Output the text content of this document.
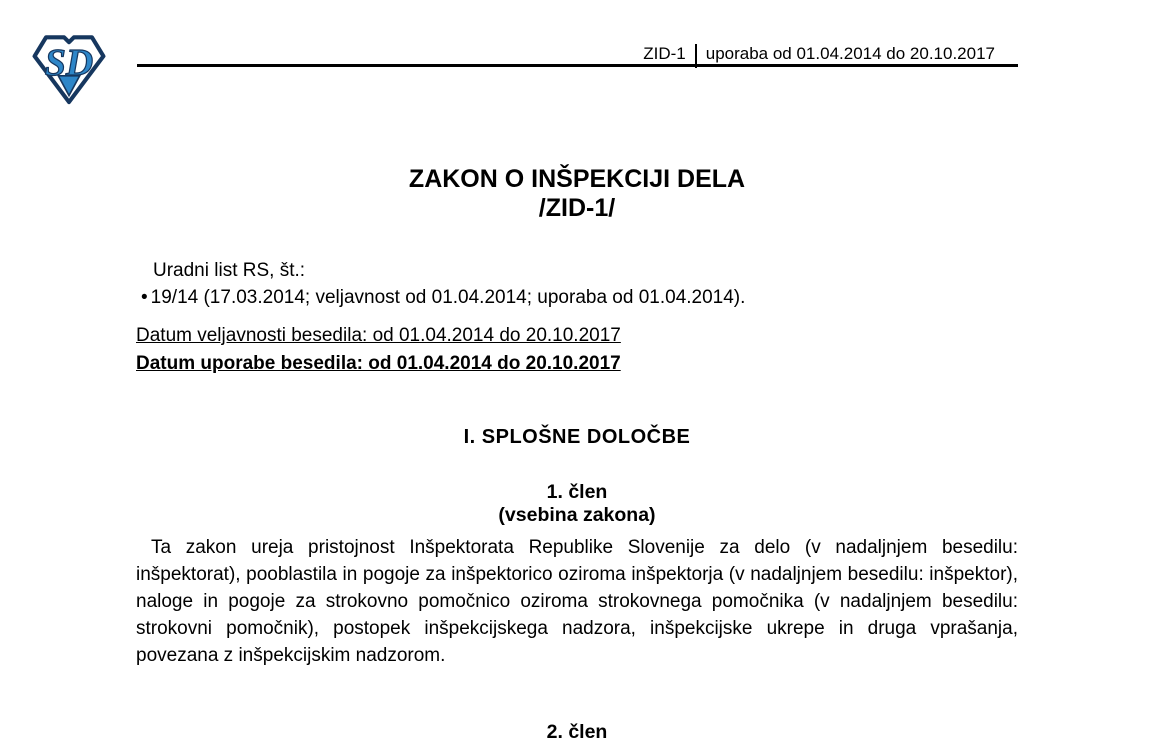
SD	ZID-1 uporaba od 01.04.2014 do 20.10.2017
ZAKON O INŠPEKCIJI DELA
/ZID-1/
Uradni list RS, št.:
• 19/14 (17.03.2014; veljavnost od 01.04.2014; uporaba od 01.04.2014).
Datum veljavnosti besedila: od 01.04.2014 do 20.10.2017
Datum uporabe besedila: od 01.04.2014 do 20.10.2017
I. SPLOŠNE DOLOČBE
1. člen
(vsebina zakona)

Ta zakon ureja pristojnost Inšpektorata Republike Slovenije za delo (v nadaljnjem besedilu: inšpektorat), pooblastila in pogoje za inšpektorico oziroma inšpektorja (v nadaljnjem besedilu: inšpektor), naloge in pogoje za strokovno pomočnico oziroma strokovnega pomočnika (v nadaljnjem besedilu: strokovni pomočnik), postopek inšpekcijskega nadzora, inšpekcijske ukrepe in druga vprašanja, povezana z inšpekcijskim nadzorom.

2. člen
